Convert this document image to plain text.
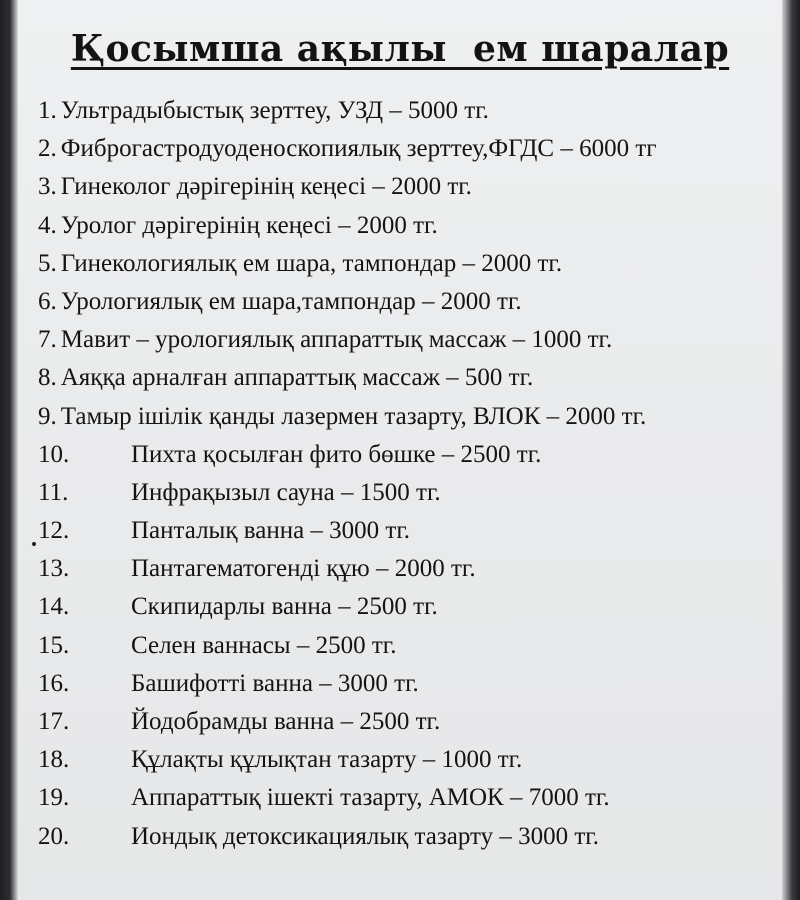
Қосымша ақылы  ем шаралар
1. Ультрадыбыстық зерттеу, УЗД – 5000 тг.
2. Фиброгастродуоденоскопиялық зерттеу,ФГДС – 6000 тг
3. Гинеколог дәрігерінің кеңесі – 2000 тг.
4. Уролог дәрігерінің кеңесі – 2000 тг.
5. Гинекологиялық ем шара, тампондар – 2000 тг.
6. Урологиялық ем шара,тампондар – 2000 тг.
7. Мавит – урологиялық аппараттық массаж – 1000 тг.
8. Аяққа арналған аппараттық массаж – 500 тг.
9. Тамыр ішілік қанды лазермен тазарту, ВЛОК – 2000 тг.
10. Пихта қосылған фито бөшке – 2500 тг.
11.	Инфрақызыл сауна – 1500 тг.
12. Панталық ванна – 3000 тг.
13. Пантагематогенді құю – 2000 тг.
14. Скипидарлы ванна – 2500 тг.
15. Селен ваннасы – 2500 тг.
16. Башифотті ванна – 3000 тг.
17. Йодобрамды ванна – 2500 тг.
18. Құлақты құлықтан тазарту – 1000 тг.
19. Аппараттық ішекті тазарту, АМОК – 7000 тг.
20. Иондық детоксикациялық тазарту – 3000 тг.
